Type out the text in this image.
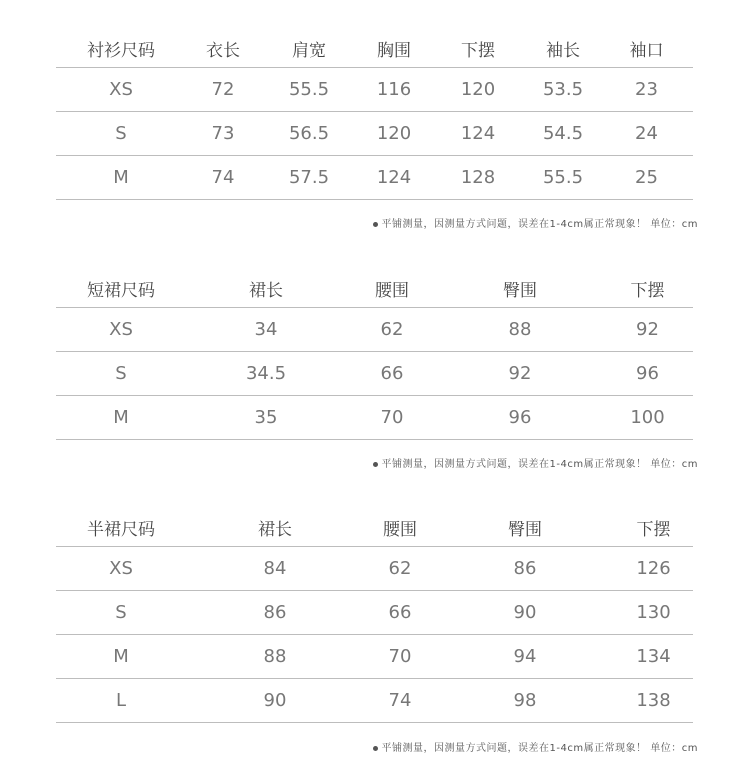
衬衫尺码	衣长	肩宽	胸围	下摆	袖长	袖口
XS	72	55.5	116	120	53.5	23
S	73	56.5	120	124	54.5	24
M	74	57.5	124	128	55.5	25
平铺测量，因测量方式问题，误差在1-4cm属正常现象！ 单位：cm
短裙尺码	裙长	腰围	臀围	下摆
XS	34	62	88	92
S	34.5	66	92	96
M	35	70	96	100
平铺测量，因测量方式问题，误差在1-4cm属正常现象！ 单位：cm
半裙尺码	裙长	腰围	臀围	下摆
XS	84	62	86	126
S	86	66	90	130
M	88	70	94	134
L	90	74	98	138
平铺测量，因测量方式问题，误差在1-4cm属正常现象！ 单位：cm
